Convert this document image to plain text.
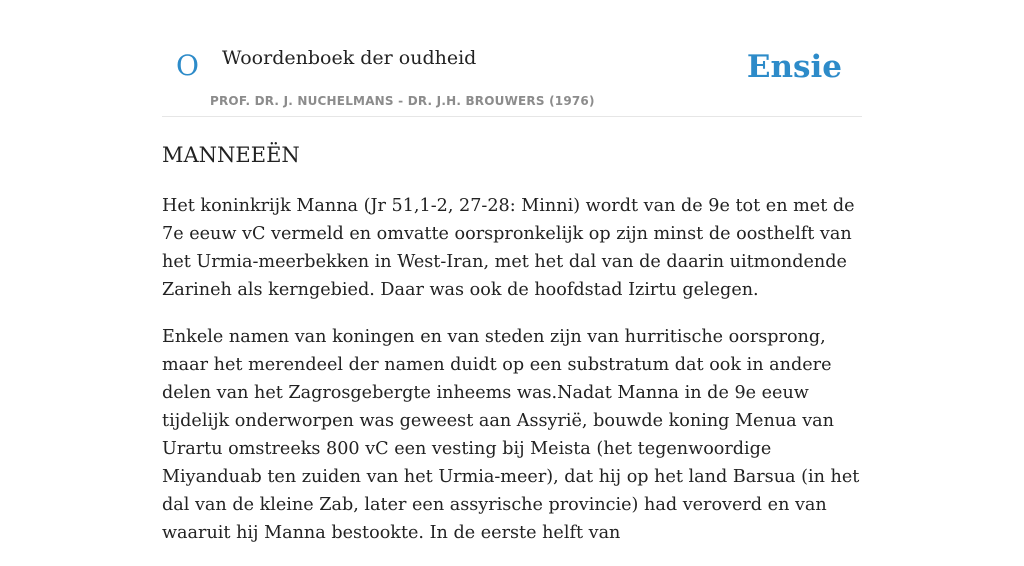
O Woordenboek der oudheid
PROF. DR. J. NUCHELMANS - DR. J.H. BROUWERS (1976)
Ensie
MANNEEËN

Het koninkrijk Manna (Jr 51,1-2, 27-28: Minni) wordt van de 9e tot en met de 7e eeuw vC vermeld en omvatte oorspronkelijk op zijn minst de oosthelft van het Urmia-meerbekken in West-Iran, met het dal van de daarin uitmondende Zarineh als kerngebied. Daar was ook de hoofdstad Izirtu gelegen.

Enkele namen van koningen en van steden zijn van hurritische oorsprong, maar het merendeel der namen duidt op een substratum dat ook in andere delen van het Zagrosgebergte inheems was.Nadat Manna in de 9e eeuw tijdelijk onderworpen was geweest aan Assyrië, bouwde koning Menua van Urartu omstreeks 800 vC een vesting bij Meista (het tegenwoordige Miyanduab ten zuiden van het Urmia-meer), dat hij op het land Barsua (in het dal van de kleine Zab, later een assyrische provincie) had veroverd en van waaruit hij Manna bestookte. In de eerste helft van
